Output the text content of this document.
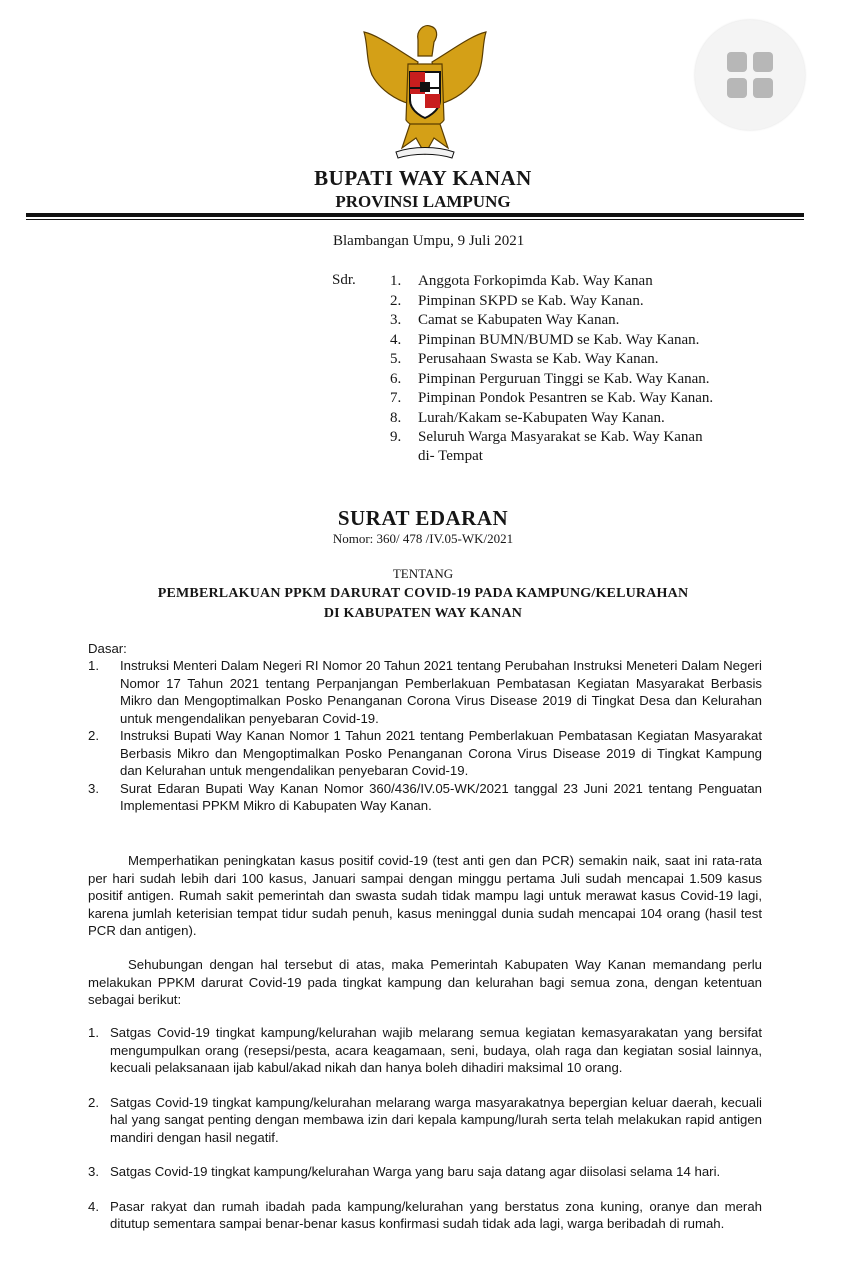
BUPATI WAY KANAN
PROVINSI LAMPUNG
Blambangan Umpu, 9 Juli 2021
Sdr. 1. Anggota Forkopimda Kab. Way Kanan
2. Pimpinan SKPD se Kab. Way Kanan.
3. Camat se Kabupaten Way Kanan.
4. Pimpinan BUMN/BUMD se Kab. Way Kanan.
5. Perusahaan Swasta se Kab. Way Kanan.
6. Pimpinan Perguruan Tinggi se Kab. Way Kanan.
7. Pimpinan Pondok Pesantren se Kab. Way Kanan.
8. Lurah/Kakam se-Kabupaten Way Kanan.
9. Seluruh Warga Masyarakat se Kab. Way Kanan
di- Tempat
SURAT EDARAN
Nomor: 360/ 478 /IV.05-WK/2021
TENTANG
PEMBERLAKUAN PPKM DARURAT COVID-19 PADA KAMPUNG/KELURAHAN
DI KABUPATEN WAY KANAN
Dasar:
1.	Instruksi Menteri Dalam Negeri RI Nomor 20 Tahun 2021 tentang Perubahan Instruksi Meneteri Dalam Negeri Nomor 17 Tahun 2021 tentang Perpanjangan Pemberlakuan Pembatasan Kegiatan Masyarakat Berbasis Mikro dan Mengoptimalkan Posko Penanganan Corona Virus Disease 2019 di Tingkat Desa dan Kelurahan untuk mengendalikan penyebaran Covid-19.
2.	Instruksi Bupati Way Kanan Nomor 1 Tahun 2021 tentang Pemberlakuan Pembatasan Kegiatan Masyarakat Berbasis Mikro dan Mengoptimalkan Posko Penanganan Corona Virus Disease 2019 di Tingkat Kampung dan Kelurahan untuk mengendalikan penyebaran Covid-19.
3.	Surat Edaran Bupati Way Kanan Nomor 360/436/IV.05-WK/2021 tanggal 23 Juni 2021 tentang Penguatan Implementasi PPKM Mikro di Kabupaten Way Kanan.

Memperhatikan peningkatan kasus positif covid-19 (test anti gen dan PCR) semakin naik, saat ini rata-rata per hari sudah lebih dari 100 kasus, Januari sampai dengan minggu pertama Juli sudah mencapai 1.509 kasus positif antigen. Rumah sakit pemerintah dan swasta sudah tidak mampu lagi untuk merawat kasus Covid-19 lagi, karena jumlah keterisian tempat tidur sudah penuh, kasus meninggal dunia sudah mencapai 104 orang (hasil test PCR dan antigen).

Sehubungan dengan hal tersebut di atas, maka Pemerintah Kabupaten Way Kanan memandang perlu melakukan PPKM darurat Covid-19 pada tingkat kampung dan kelurahan bagi semua zona, dengan ketentuan sebagai berikut:

1. Satgas Covid-19 tingkat kampung/kelurahan wajib melarang semua kegiatan kemasyarakatan yang bersifat mengumpulkan orang (resepsi/pesta, acara keagamaan, seni, budaya, olah raga dan kegiatan sosial lainnya, kecuali pelaksanaan ijab kabul/akad nikah dan hanya boleh dihadiri maksimal 10 orang.
2. Satgas Covid-19 tingkat kampung/kelurahan melarang warga masyarakatnya bepergian keluar daerah, kecuali hal yang sangat penting dengan membawa izin dari kepala kampung/lurah serta telah melakukan rapid antigen mandiri dengan hasil negatif.
3. Satgas Covid-19 tingkat kampung/kelurahan Warga yang baru saja datang agar diisolasi selama 14 hari.
4. Pasar rakyat dan rumah ibadah pada kampung/kelurahan yang berstatus zona kuning, oranye dan merah ditutup sementara sampai benar-benar kasus konfirmasi sudah tidak ada lagi, warga beribadah di rumah.
